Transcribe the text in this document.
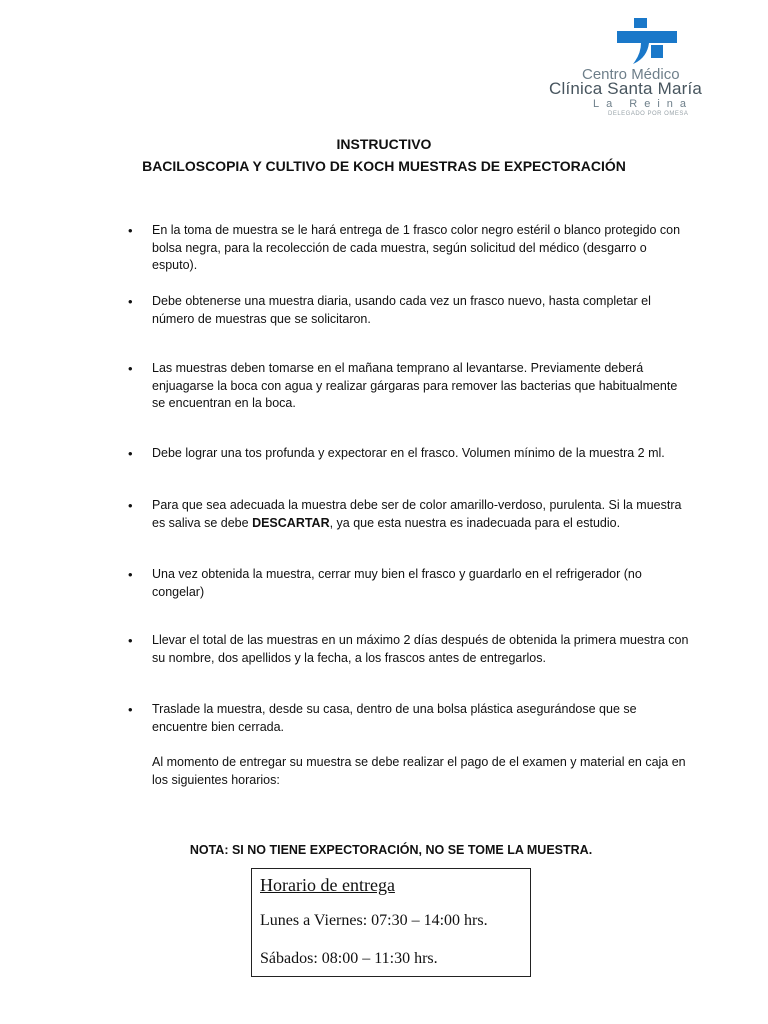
Centro Médico
Clínica Santa María
La Reina
DELEGADO POR OMESA
INSTRUCTIVO
BACILOSCOPIA Y CULTIVO DE KOCH MUESTRAS DE EXPECTORACIÓN
• En la toma de muestra se le hará entrega de 1 frasco color negro estéril o blanco protegido con bolsa negra, para la recolección de cada muestra, según solicitud del médico (desgarro o esputo).
• Debe obtenerse una muestra diaria, usando cada vez un frasco nuevo, hasta completar el número de muestras que se solicitaron.
• Las muestras deben tomarse en el mañana temprano al levantarse. Previamente deberá enjuagarse la boca con agua y realizar gárgaras para remover las bacterias que habitualmente se encuentran en la boca.
• Debe lograr una tos profunda y expectorar en el frasco. Volumen mínimo de la muestra 2 ml.
• Para que sea adecuada la muestra debe ser de color amarillo-verdoso, purulenta. Si la muestra es saliva se debe DESCARTAR, ya que esta nuestra es inadecuada para el estudio.
• Una vez obtenida la muestra, cerrar muy bien el frasco y guardarlo en el refrigerador (no congelar)
• Llevar el total de las muestras en un máximo 2 días después de obtenida la primera muestra con su nombre, dos apellidos y la fecha, a los frascos antes de entregarlos.
• Traslade la muestra, desde su casa, dentro de una bolsa plástica asegurándose que se encuentre bien cerrada.
Al momento de entregar su muestra se debe realizar el pago de el examen y material en caja en los siguientes horarios:
NOTA: SI NO TIENE EXPECTORACIÓN, NO SE TOME LA MUESTRA.
Horario de entrega
Lunes a Viernes: 07:30 – 14:00 hrs.
Sábados: 08:00 – 11:30 hrs.
